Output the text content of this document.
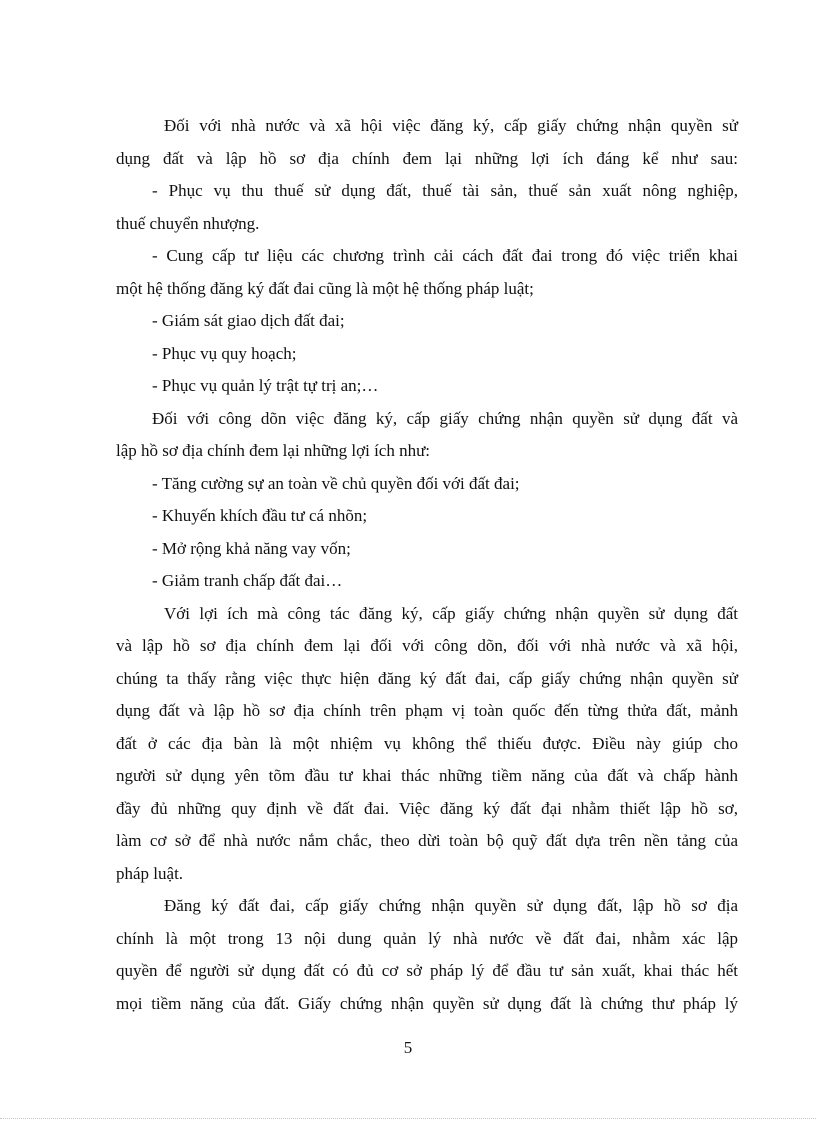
Đối với nhà nước và xã hội việc đăng ký, cấp giấy chứng nhận quyền sử
dụng đất và lập hồ sơ địa chính đem lại những lợi ích đáng kể như sau:
- Phục vụ thu thuế sử dụng đất, thuế tài sản, thuế sản xuất nông nghiệp,
thuế chuyển nhượng.
- Cung cấp tư liệu các chương trình cải cách đất đai trong đó việc triển khai
một hệ thống đăng ký đất đai cũng là một hệ thống pháp luật;
- Giám sát giao dịch đất đai;
- Phục vụ quy hoạch;
- Phục vụ quản lý trật tự trị an;…
Đối với công dõn việc đăng ký, cấp giấy chứng nhận quyền sử dụng đất và
lập hồ sơ địa chính đem lại những lợi ích như:
- Tăng cường sự an toàn về chủ quyền đối với đất đai;
- Khuyến khích đầu tư cá nhõn;
- Mở rộng khả năng vay vốn;
- Giảm tranh chấp đất đai…
Với lợi ích mà công tác đăng ký, cấp giấy chứng nhận quyền sử dụng đất
và lập hồ sơ địa chính đem lại đối với công dõn, đối với nhà nước và xã hội,
chúng ta thấy rằng việc thực hiện đăng ký đất đai, cấp giấy chứng nhận quyền sử
dụng đất và lập hồ sơ địa chính trên phạm vị toàn quốc đến từng thửa đất, mảnh
đất ở các địa bàn là một nhiệm vụ không thể thiếu được. Điều này giúp cho
người sử dụng yên tõm đầu tư khai thác những tiềm năng của đất và chấp hành
đầy đủ những quy định về đất đai. Việc đăng ký đất đại nhằm thiết lập hồ sơ,
làm cơ sở để nhà nước nắm chắc, theo dừi toàn bộ quỹ đất dựa trên nền tảng của
pháp luật.
Đăng ký đất đai, cấp giấy chứng nhận quyền sử dụng đất, lập hồ sơ địa
chính là một trong 13 nội dung quản lý nhà nước về đất đai, nhằm xác lập
quyền để người sử dụng đất có đủ cơ sở pháp lý để đầu tư sản xuất, khai thác hết
mọi tiềm năng của đất. Giấy chứng nhận quyền sử dụng đất là chứng thư pháp lý
5
